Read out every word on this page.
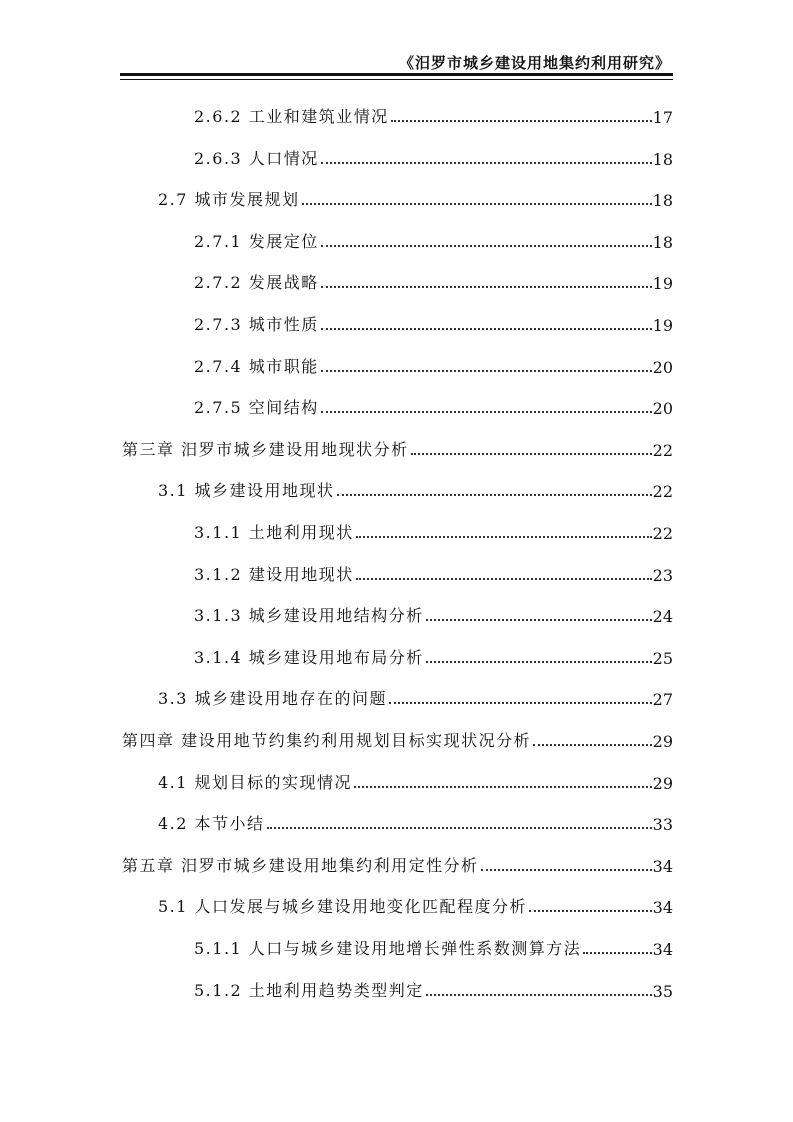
《汨罗市城乡建设用地集约利用研究》
2.6.2 工业和建筑业情况	17
2.6.3 人口情况	18
2.7 城市发展规划	18
2.7.1 发展定位	18
2.7.2 发展战略	19
2.7.3 城市性质	19
2.7.4 城市职能	20
2.7.5 空间结构	20
第三章 汨罗市城乡建设用地现状分析	22
3.1 城乡建设用地现状	22
3.1.1 土地利用现状	22
3.1.2 建设用地现状	23
3.1.3 城乡建设用地结构分析	24
3.1.4 城乡建设用地布局分析	25
3.3 城乡建设用地存在的问题	27
第四章 建设用地节约集约利用规划目标实现状况分析	29
4.1 规划目标的实现情况	29
4.2 本节小结	33
第五章 汨罗市城乡建设用地集约利用定性分析	34
5.1 人口发展与城乡建设用地变化匹配程度分析	34
5.1.1 人口与城乡建设用地增长弹性系数测算方法	34
5.1.2 土地利用趋势类型判定	35
